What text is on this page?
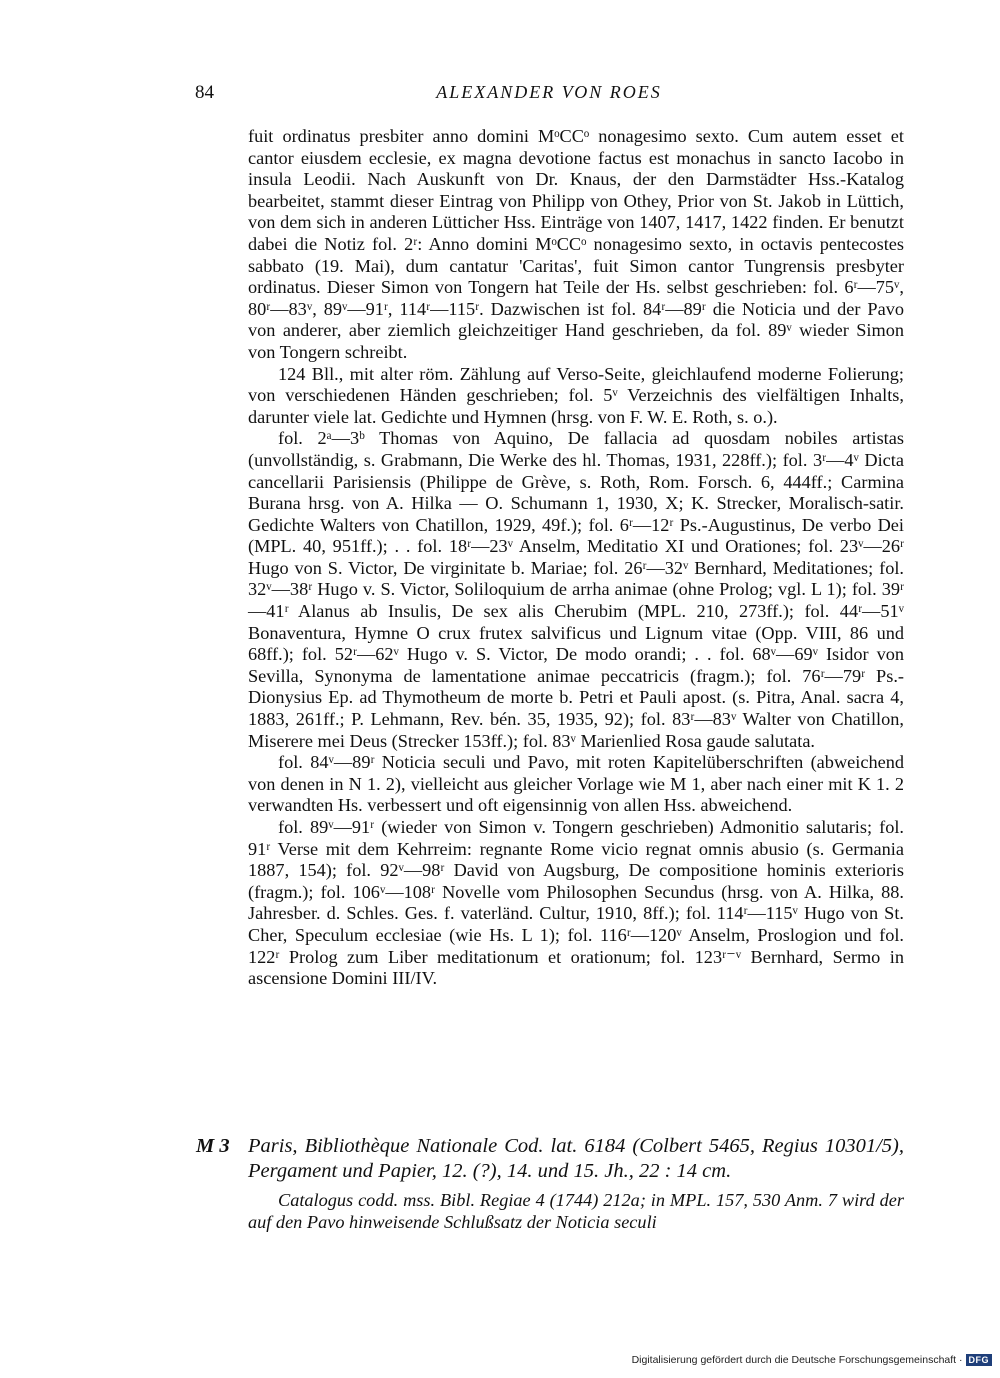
84	ALEXANDER VON ROES

fuit ordinatus presbiter anno domini MᵒCCᵒ nonagesimo sexto. Cum autem esset et cantor eiusdem ecclesie, ex magna devotione factus est monachus in sancto Iacobo in insula Leodii. Nach Auskunft von Dr. Knaus, der den Darmstädter Hss.-Katalog bearbeitet, stammt dieser Eintrag von Philipp von Othey, Prior von St. Jakob in Lüttich, von dem sich in anderen Lütticher Hss. Einträge von 1407, 1417, 1422 finden. Er benutzt dabei die Notiz fol. 2ʳ: Anno domini MᵒCCᵒ nonagesimo sexto, in octavis pentecostes sabbato (19. Mai), dum cantatur 'Caritas', fuit Simon cantor Tungrensis presbyter ordinatus. Dieser Simon von Tongern hat Teile der Hs. selbst geschrieben: fol. 6ʳ—75ᵛ, 80ʳ—83ᵛ, 89ᵛ—91ʳ, 114ʳ—115ʳ. Dazwischen ist fol. 84ʳ—89ʳ die Noticia und der Pavo von anderer, aber ziemlich gleichzeitiger Hand geschrieben, da fol. 89ᵛ wieder Simon von Tongern schreibt.

124 Bll., mit alter röm. Zählung auf Verso-Seite, gleichlaufend moderne Folierung; von verschiedenen Händen geschrieben; fol. 5ᵛ Verzeichnis des vielfältigen Inhalts, darunter viele lat. Gedichte und Hymnen (hrsg. von F. W. E. Roth, s. o.).

fol. 2ᵃ—3ᵇ Thomas von Aquino, De fallacia ad quosdam nobiles artistas (unvollständig, s. Grabmann, Die Werke des hl. Thomas, 1931, 228ff.); fol. 3ʳ—4ᵛ Dicta cancellarii Parisiensis (Philippe de Grève, s. Roth, Rom. Forsch. 6, 444ff.; Carmina Burana hrsg. von A. Hilka — O. Schumann 1, 1930, X; K. Strecker, Moralisch-satir. Gedichte Walters von Chatillon, 1929, 49f.); fol. 6ʳ—12ʳ Ps.-Augustinus, De verbo Dei (MPL. 40, 951ff.); . . fol. 18ʳ—23ᵛ Anselm, Meditatio XI und Orationes; fol. 23ᵛ—26ʳ Hugo von S. Victor, De virginitate b. Mariae; fol. 26ʳ—32ᵛ Bernhard, Meditationes; fol. 32ᵛ—38ʳ Hugo v. S. Victor, Soliloquium de arrha animae (ohne Prolog; vgl. L 1); fol. 39ʳ—41ʳ Alanus ab Insulis, De sex alis Cherubim (MPL. 210, 273ff.); fol. 44ʳ—51ᵛ Bonaventura, Hymne O crux frutex salvificus und Lignum vitae (Opp. VIII, 86 und 68ff.); fol. 52ʳ—62ᵛ Hugo v. S. Victor, De modo orandi; . . fol. 68ᵛ—69ᵛ Isidor von Sevilla, Synonyma de lamentatione animae peccatricis (fragm.); fol. 76ʳ—79ʳ Ps.-Dionysius Ep. ad Thymotheum de morte b. Petri et Pauli apost. (s. Pitra, Anal. sacra 4, 1883, 261ff.; P. Lehmann, Rev. bén. 35, 1935, 92); fol. 83ʳ—83ᵛ Walter von Chatillon, Miserere mei Deus (Strecker 153ff.); fol. 83ᵛ Marienlied Rosa gaude salutata.

fol. 84ᵛ—89ʳ Noticia seculi und Pavo, mit roten Kapitelüberschriften (abweichend von denen in N 1. 2), vielleicht aus gleicher Vorlage wie M 1, aber nach einer mit K 1. 2 verwandten Hs. verbessert und oft eigensinnig von allen Hss. abweichend.

fol. 89ᵛ—91ʳ (wieder von Simon v. Tongern geschrieben) Admonitio salutaris; fol. 91ʳ Verse mit dem Kehrreim: regnante Rome vicio regnat omnis abusio (s. Germania 1887, 154); fol. 92ᵛ—98ʳ David von Augsburg, De compositione hominis exterioris (fragm.); fol. 106ᵛ—108ʳ Novelle vom Philosophen Secundus (hrsg. von A. Hilka, 88. Jahresber. d. Schles. Ges. f. vaterländ. Cultur, 1910, 8ff.); fol. 114ʳ—115ᵛ Hugo von St. Cher, Speculum ecclesiae (wie Hs. L 1); fol. 116ʳ—120ᵛ Anselm, Proslogion und fol. 122ʳ Prolog zum Liber meditationum et orationum; fol. 123ʳ⁻ᵛ Bernhard, Sermo in ascensione Domini III/IV.

M 3 Paris, Bibliothèque Nationale Cod. lat. 6184 (Colbert 5465, Regius 10301/5), Pergament und Papier, 12. (?), 14. und 15. Jh., 22 : 14 cm.
Catalogus codd. mss. Bibl. Regiae 4 (1744) 212a; in MPL. 157, 530 Anm. 7 wird der auf den Pavo hinweisende Schlußsatz der Noticia seculi
Digitalisierung gefördert durch die Deutsche Forschungsgemeinschaft · DFG
